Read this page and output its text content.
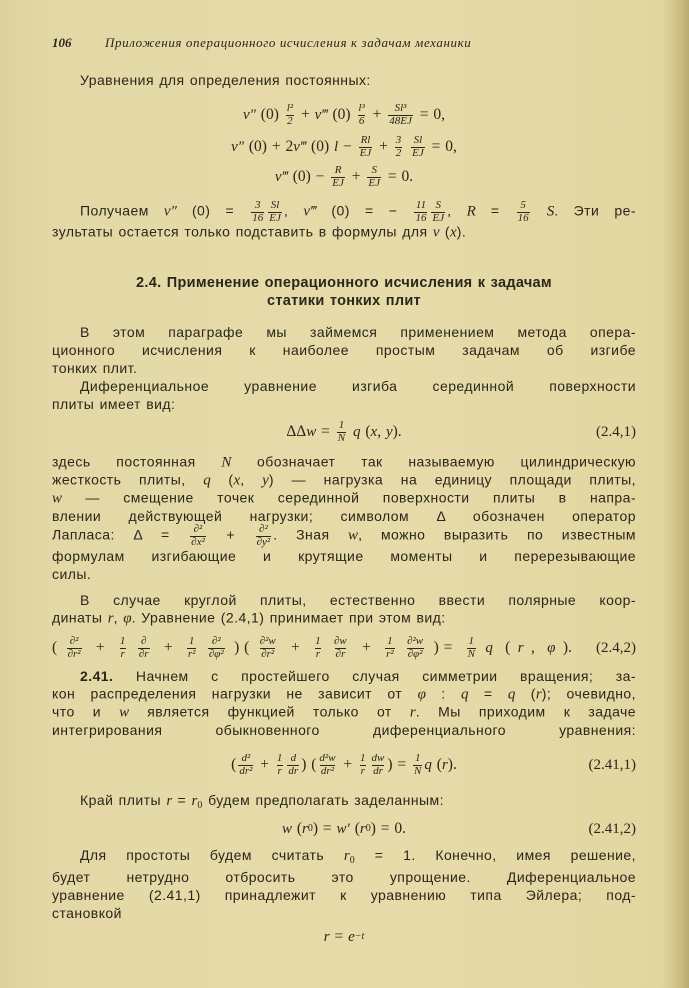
106	Приложения операционного исчисления к задачам механики
Уравнения для определения постоянных:
v″ $(0) \frac{\text{l²}}{2}$ + v‴ $(0) \frac{\text{l³}}{6} + \frac{\text{Sl³}}{48EJ} = 0$,
v″ (0) + 2 v‴ (0) $l - \frac{Rl}{EJ} + \frac{3}{2}$
$\frac{Sl}{EJ} = 0$,
v‴ $(0) - \frac{R}{EJ} + \frac{S}{EJ} = 0$.
Получаем v″ $(0) = \frac{3}{16} \frac{Sl}{EJ}$ , v‴ (0) = − $\frac{11}{16} \frac{S}{EJ}$ , $R = \frac{5}{16} S$. Эти ре-
зультаты остается только подставить в формулы для v (x).
2.4. Применение операционного исчисления к задачам
статики тонких плит
В этом параграфе мы займемся применением метода опера-
ционного исчисления к наиболее простым задачам об изгибе
тонких плит.
Диференциальное уравнение изгиба серединной поверхности
плиты имеет вид:
ΔΔ $w = \frac{1}{N}$
q ( x , y ).	(2.4,1)
здесь постоянная N обозначает так называемую цилиндрическую
жесткость плиты, q (x, y) — нагрузка на единицу площади плиты,
w — смещение точек серединной поверхности плиты в напра-
влении действующей нагрузки; символом Δ обозначен оператор
Лапласа: $\Delta = \frac{\text{∂²}}{\text{∂x²}} + \frac{\text{∂²}}{\text{∂y²}}$ . Зная w, можно выразить по известным
формулам изгибающие и крутящие моменты и перерезывающие
силы.
В случае круглой плиты, естественно ввести полярные коор-
динаты r, φ. Уравнение (2.4,1) принимает при этом вид:
( $\frac{\text{∂²}}{\text{∂r²}} + \frac{1}{r} \frac{\partial}{\partial r} + \frac{1}{\text{r²}} \frac{\text{∂²}}{\text{∂φ²}}$ ) ( $\frac{\text{∂²w}}{\text{∂r²}} + \frac{1}{r} \frac{\partial w}{\partial r} + \frac{1}{\text{r²}} \frac{\text{∂²w}}{\text{∂φ²}}$ ) = $\frac{1}{N}$ q ( r , φ ). (2.4,2)
2.41. Начнем с простейшего случая симметрии вращения; за-
кон распределения нагрузки не зависит от φ : q = q (r); очевидно,
что и w является функцией только от r. Мы приходим к задаче
интегрирования обыкновенного диференциального уравнения:
( $\frac{\text{d²}}{\text{dr²}} + \frac{1}{r} \frac{d}{dr}$ ) ( $\frac{\text{d²w}}{\text{dr²}} + \frac{1}{r} \frac{dw}{dr}$ ) = $\frac{1}{N}$ q ( r ).	(2.41,1)
Край плиты $r = r_0$ будем предполагать заделанным:
w ( r 0 ) = w′ ( r 0 ) = 0.	(2.41,2)
Для простоты будем считать $r_0 = 1$. Конечно, имея решение,
будет нетрудно отбросить это упрощение. Диференциальное
уравнение (2.41,1) принадлежит к уравнению типа Эйлера; под-
становкой
r = e −t
